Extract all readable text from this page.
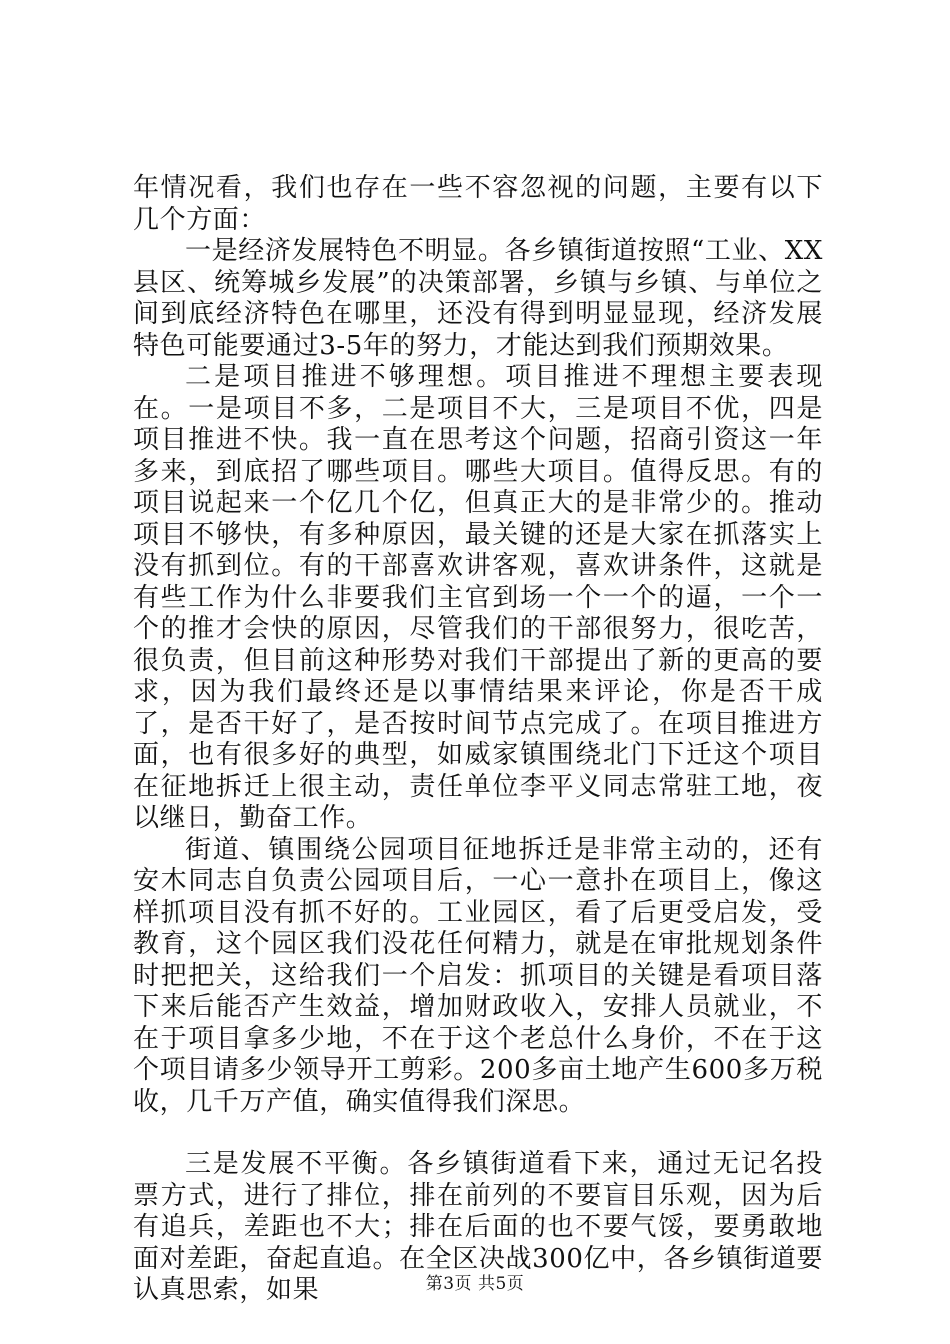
年情况看，我们也存在一些不容忽视的问题，主要有以下几个方面：

一是经济发展特色不明显。各乡镇街道按照“工业、XX县区、统筹城乡发展”的决策部署，乡镇与乡镇、与单位之间到底经济特色在哪里，还没有得到明显显现，经济发展特色可能要通过3-5年的努力，才能达到我们预期效果。

二是项目推进不够理想。项目推进不理想主要表现在。一是项目不多，二是项目不大，三是项目不优，四是项目推进不快。我一直在思考这个问题，招商引资这一年多来，到底招了哪些项目。哪些大项目。值得反思。有的项目说起来一个亿几个亿，但真正大的是非常少的。推动项目不够快，有多种原因，最关键的还是大家在抓落实上没有抓到位。有的干部喜欢讲客观，喜欢讲条件，这就是有些工作为什么非要我们主官到场一个一个的逼，一个一个的推才会快的原因，尽管我们的干部很努力，很吃苦，很负责，但目前这种形势对我们干部提出了新的更高的要求，因为我们最终还是以事情结果来评论，你是否干成了，是否干好了，是否按时间节点完成了。在项目推进方面，也有很多好的典型，如威家镇围绕北门下迁这个项目在征地拆迁上很主动，责任单位李平义同志常驻工地，夜以继日，勤奋工作。

街道、镇围绕公园项目征地拆迁是非常主动的，还有安木同志自负责公园项目后，一心一意扑在项目上，像这样抓项目没有抓不好的。工业园区，看了后更受启发，受教育，这个园区我们没花任何精力，就是在审批规划条件时把把关，这给我们一个启发：抓项目的关键是看项目落下来后能否产生效益，增加财政收入，安排人员就业，不在于项目拿多少地，不在于这个老总什么身价，不在于这个项目请多少领导开工剪彩。200多亩土地产生600多万税收，几千万产值，确实值得我们深思。

三是发展不平衡。各乡镇街道看下来，通过无记名投票方式，进行了排位，排在前列的不要盲目乐观，因为后有追兵，差距也不大；排在后面的也不要气馁，要勇敢地面对差距，奋起直追。在全区决战300亿中，各乡镇街道要认真思索，如果	第3页 共5页
